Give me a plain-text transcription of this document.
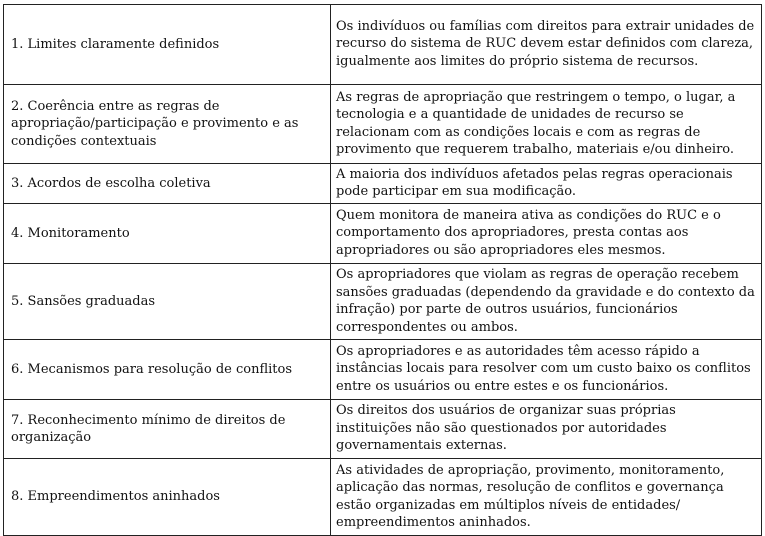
1. Limites claramente definidos	Os indivíduos ou famílias com direitos para extrair unidades de recurso do sistema de RUC devem estar definidos com clareza, igualmente aos limites do próprio sistema de recursos.
2. Coerência entre as regras de apropriação/participação e provimento e as condições contextuais	As regras de apropriação que restringem o tempo, o lugar, a tecnologia e a quantidade de unidades de recurso se relacionam com as condições locais e com as regras de provimento que requerem trabalho, materiais e/ou dinheiro.
3. Acordos de escolha coletiva	A maioria dos indivíduos afetados pelas regras operacionais pode participar em sua modificação.
4. Monitoramento	Quem monitora de maneira ativa as condições do RUC e o comportamento dos apropriadores, presta contas aos apropriadores ou são apropriadores eles mesmos.
5. Sansões graduadas	Os apropriadores que violam as regras de operação recebem sansões graduadas (dependendo da gravidade e do contexto da infração) por parte de outros usuários, funcionários correspondentes ou ambos.
6. Mecanismos para resolução de conflitos	Os apropriadores e as autoridades têm acesso rápido a instâncias locais para resolver com um custo baixo os conflitos entre os usuários ou entre estes e os funcionários.
7. Reconhecimento mínimo de direitos de organização	Os direitos dos usuários de organizar suas próprias instituições não são questionados por autoridades governamentais externas.
8. Empreendimentos aninhados	As atividades de apropriação, provimento, monitoramento, aplicação das normas, resolução de conflitos e governança estão organizadas em múltiplos níveis de entidades/ empreendimentos aninhados.
